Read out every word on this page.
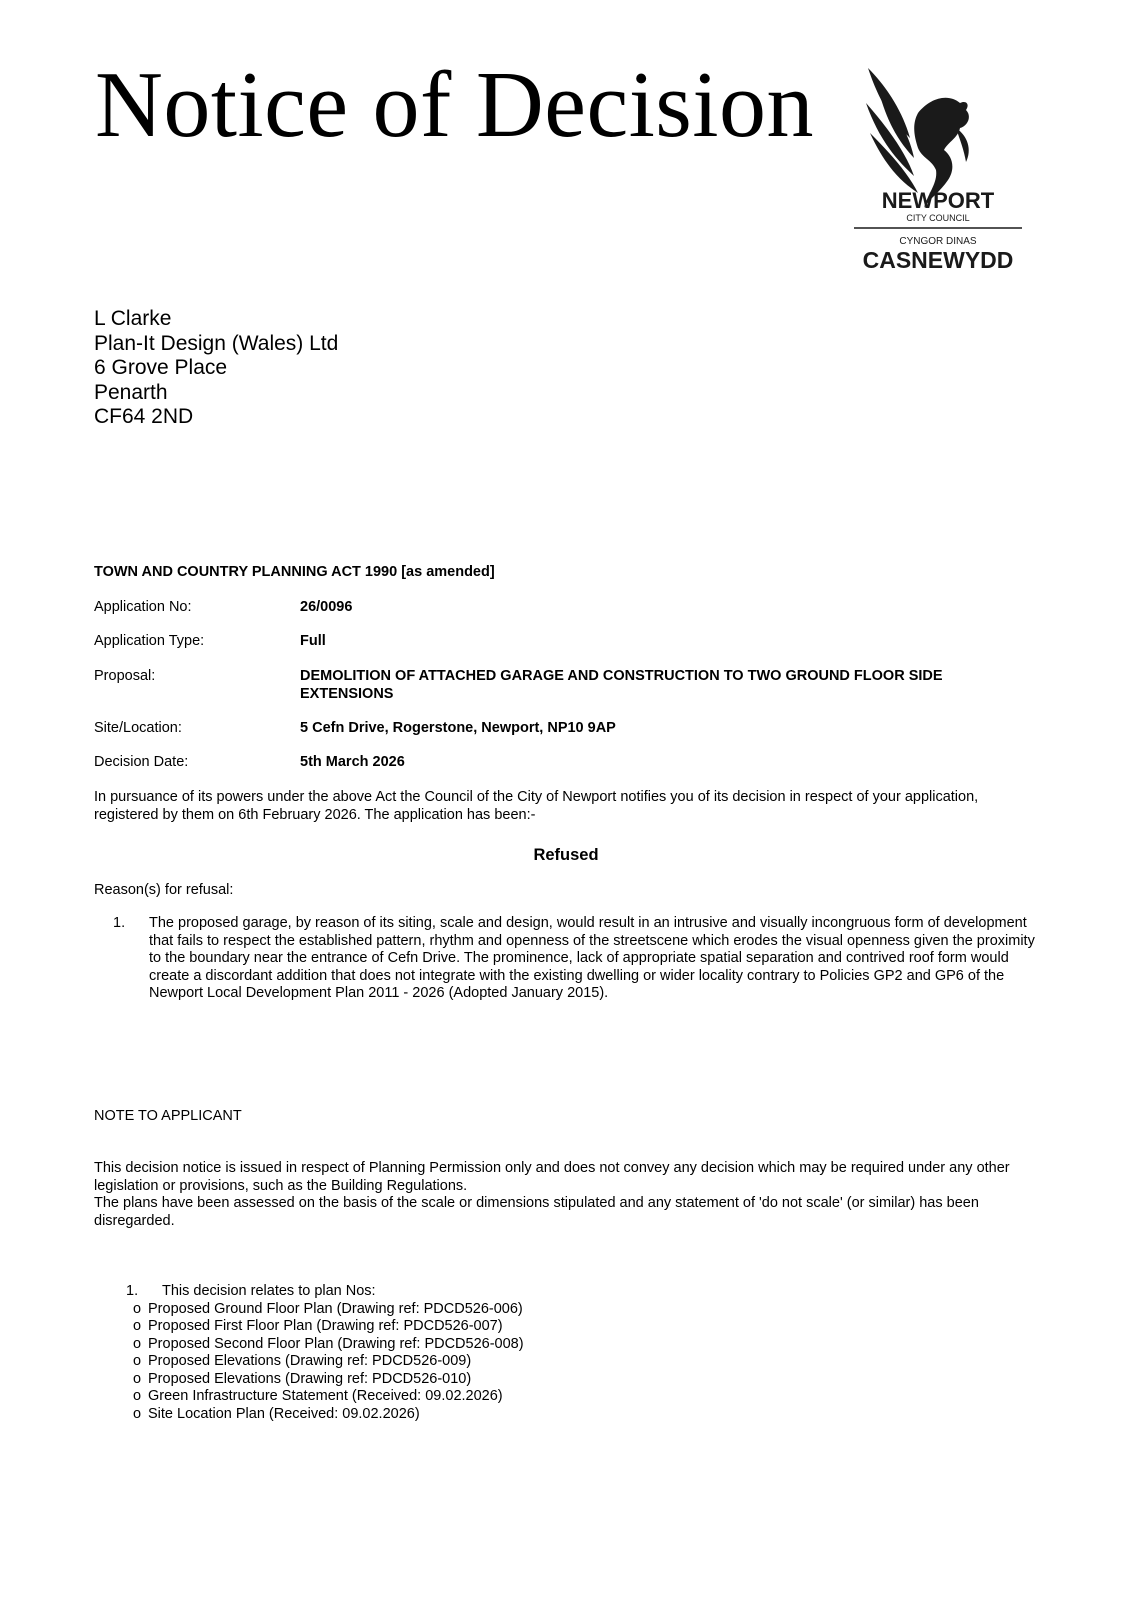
Notice of Decision
NEWPORT
CITY COUNCIL
CYNGOR DINAS
CASNEWYDD
L Clarke
Plan-It Design (Wales) Ltd
6 Grove Place
Penarth
CF64 2ND
TOWN AND COUNTRY PLANNING ACT 1990 [as amended]
Application No:	26/0096
Application Type:	Full
Proposal:	DEMOLITION OF ATTACHED GARAGE AND CONSTRUCTION TO TWO GROUND FLOOR SIDE EXTENSIONS
Site/Location:	5 Cefn Drive, Rogerstone, Newport, NP10 9AP
Decision Date:	5th March 2026
In pursuance of its powers under the above Act the Council of the City of Newport notifies you of its decision in respect of your application, registered by them on 6th February 2026. The application has been:-
Refused
Reason(s) for refusal:
1. The proposed garage, by reason of its siting, scale and design, would result in an intrusive and visually incongruous form of development that fails to respect the established pattern, rhythm and openness of the streetscene which erodes the visual openness given the proximity to the boundary near the entrance of Cefn Drive. The prominence, lack of appropriate spatial separation and contrived roof form would create a discordant addition that does not integrate with the existing dwelling or wider locality contrary to Policies GP2 and GP6 of the Newport Local Development Plan 2011 - 2026 (Adopted January 2015).
NOTE TO APPLICANT
This decision notice is issued in respect of Planning Permission only and does not convey any decision which may be required under any other legislation or provisions, such as the Building Regulations.
The plans have been assessed on the basis of the scale or dimensions stipulated and any statement of 'do not scale' (or similar) has been disregarded.
1. This decision relates to plan Nos:
o Proposed Ground Floor Plan (Drawing ref: PDCD526-006)
o Proposed First Floor Plan (Drawing ref: PDCD526-007)
o Proposed Second Floor Plan (Drawing ref: PDCD526-008)
o Proposed Elevations (Drawing ref: PDCD526-009)
o Proposed Elevations (Drawing ref: PDCD526-010)
o Green Infrastructure Statement (Received: 09.02.2026)
o Site Location Plan (Received: 09.02.2026)
